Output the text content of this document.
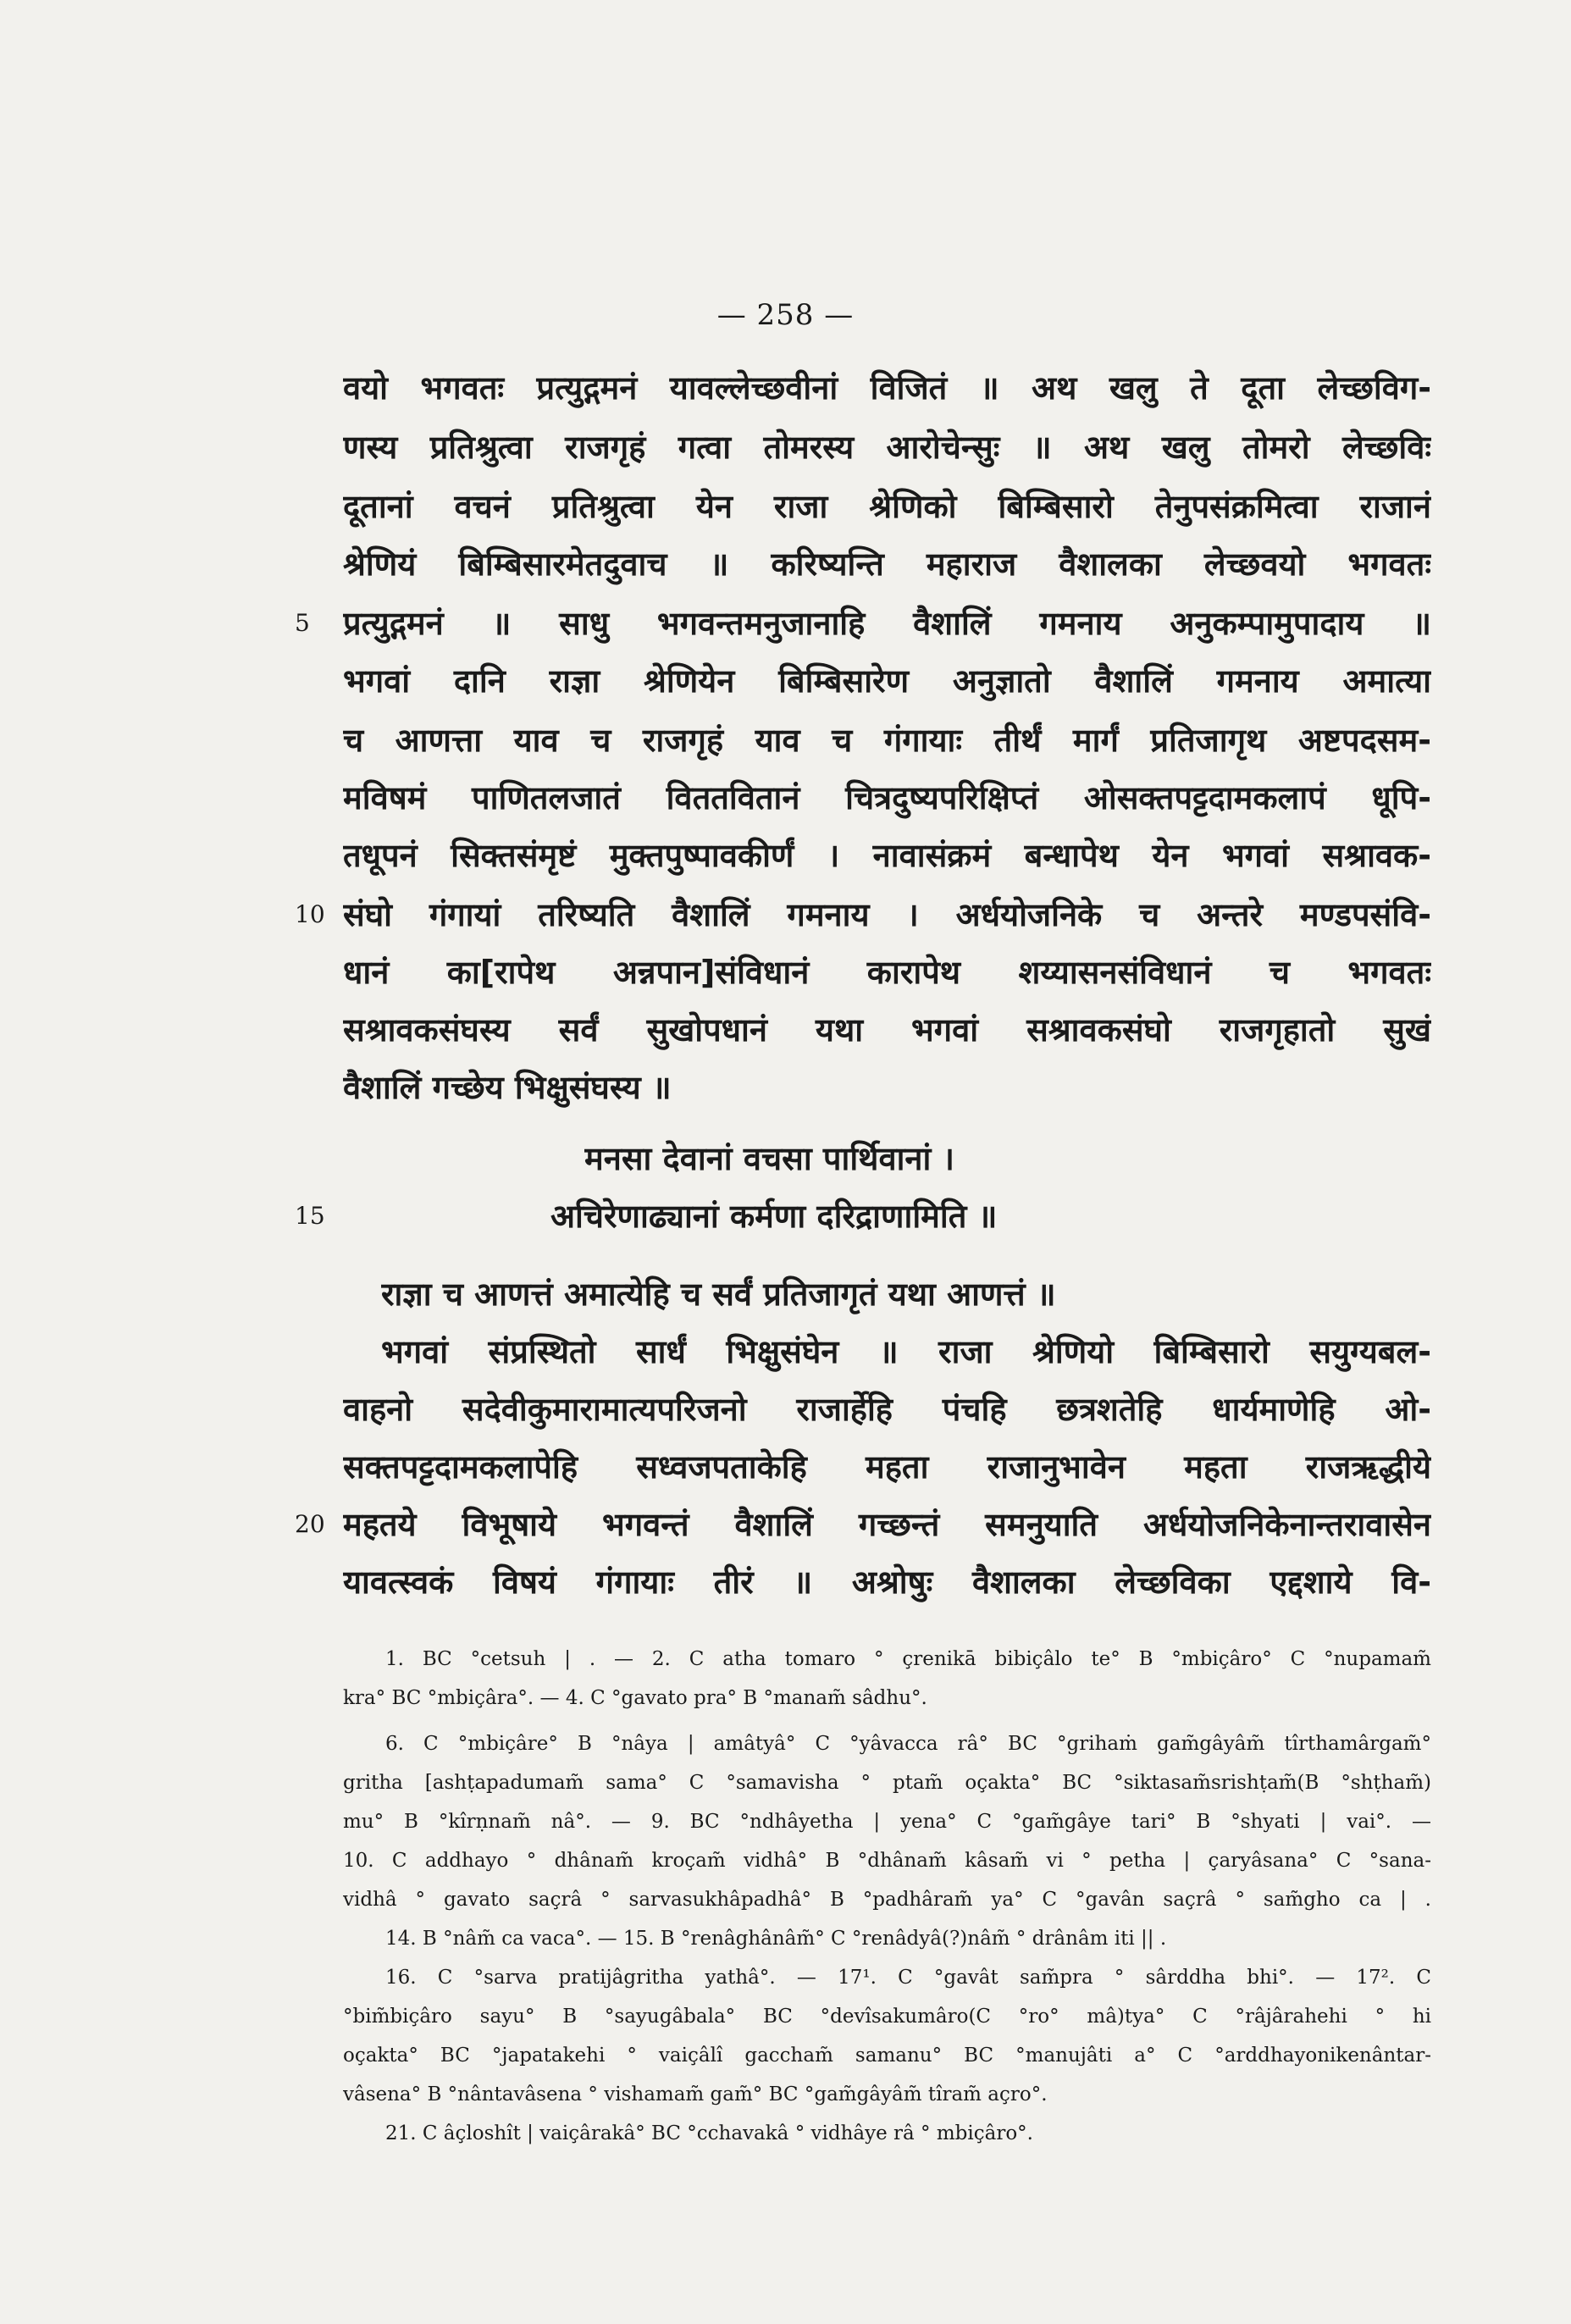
— 258 —
वयो भगवतः प्रत्युद्गमनं यावल्लेच्छवीनां विजितं ॥ अथ खलु ते दूता लेच्छविग-
णस्य प्रतिश्रुत्वा राजगृहं गत्वा तोमरस्य आरोचेन्सुः ॥ अथ खलु तोमरो लेच्छविः
दूतानां वचनं प्रतिश्रुत्वा येन राजा श्रेणिको बिम्बिसारो तेनुपसंक्रमित्वा राजानं
श्रेणियं बिम्बिसारमेतदुवाच ॥ करिष्यन्ति महाराज वैशालका लेच्छवयो भगवतः
5	प्रत्युद्गमनं ॥ साधु भगवन्तमनुजानाहि वैशालिं गमनाय अनुकम्पामुपादाय ॥
भगवां दानि राज्ञा श्रेणियेन बिम्बिसारेण अनुज्ञातो वैशालिं गमनाय अमात्या
च आणत्ता याव च राजगृहं याव च गंगायाः तीर्थं मार्गं प्रतिजागृथ अष्टपदसम-
मविषमं पाणितलजातं विततवितानं चित्रदुष्यपरिक्षिप्तं ओसक्तपट्टदामकलापं धूपि-
तधूपनं सिक्तसंमृष्टं मुक्तपुष्पावकीर्णं । नावासंक्रमं बन्धापेथ येन भगवां सश्रावक-
10 संघो गंगायां तरिष्यति वैशालिं गमनाय । अर्धयोजनिके च अन्तरे मण्डपसंवि-
धानं का[रापेथ अन्नपान]संविधानं कारापेथ शय्यासनसंविधानं च भगवतः
सश्रावकसंघस्य सर्वं सुखोपधानं यथा भगवां सश्रावकसंघो राजगृहातो सुखं
वैशालिं गच्छेय भिक्षुसंघस्य ॥
मनसा देवानां वचसा पार्थिवानां ।
15	अचिरेणाढ्यानां कर्मणा दरिद्राणामिति ॥
राज्ञा च आणत्तं अमात्येहि च सर्वं प्रतिजागृतं यथा आणत्तं ॥
भगवां संप्रस्थितो सार्धं भिक्षुसंघेन ॥ राजा श्रेणियो बिम्बिसारो सयुग्यबल-
वाहनो सदेवीकुमारामात्यपरिजनो राजार्हेहि पंचहि छत्रशतेहि धार्यमाणेहि ओ-
सक्तपट्टदामकलापेहि सध्वजपताकेहि महता राजानुभावेन महता राजऋद्धीये
20 महतये विभूषाये भगवन्तं वैशालिं गच्छन्तं समनुयाति अर्धयोजनिकेनान्तरावासेन
यावत्स्वकं विषयं गंगायाः तीरं ॥ अश्रोषुः वैशालका लेच्छविका एद्दशाये वि-
1. BC °cetsuh | . — 2. C atha tomaro ° çrenikā bibiçâlo te° B °mbiçâro° C °nupamam̃
kra° BC °mbiçâra°. — 4. C °gavato pra° B °manam̃ sâdhu°.
6. C °mbiçâre° B °nâya | amâtyâ° C °yâvacca râ° BC °grihaṁ gam̃gâyâm̃ tîrthamârgam̃°
gritha [ashṭapadumam̃ sama° C °samavisha ° ptam̃ oçakta° BC °siktasam̃srishṭam̃(B °shṭham̃)
mu° B °kîrṇnam̃ nâ°. — 9. BC °ndhâyetha | yena° C °gam̃gâye tari° B °shyati | vai°. —
10. C addhayo ° dhânam̃ kroçam̃ vidhâ° B °dhânam̃ kâsam̃ vi ° petha | çaryâsana° C °sana-
vidhâ ° gavato saçrâ ° sarvasukhâpadhâ° B °padhâram̃ ya° C °gavân saçrâ ° sam̃gho ca | .
14. B °nâm̃ ca vaca°. — 15. B °renâghânâm̃° C °renâdyâ(?)nâm̃ ° drânâm iti || .
16. C °sarva pratijâgritha yathâ°. — 17¹. C °gavât sam̃pra ° sârddha bhi°. — 17². C
°bim̃biçâro sayu° B °sayugâbala° BC °devîsakumâro(C °ro° mâ)tya° C °râjârahehi ° hi
oçakta° BC °japatakehi ° vaiçâlî gaccham̃ samanu° BC °manujâti a° C °arddhayonikenântar-
vâsena° B °nântavâsena ° vishamam̃ gam̃° BC °gam̃gâyâm̃ tîram̃ açro°.
21. C âçloshît | vaiçârakâ° BC °cchavakâ ° vidhâye râ ° mbiçâro°.
